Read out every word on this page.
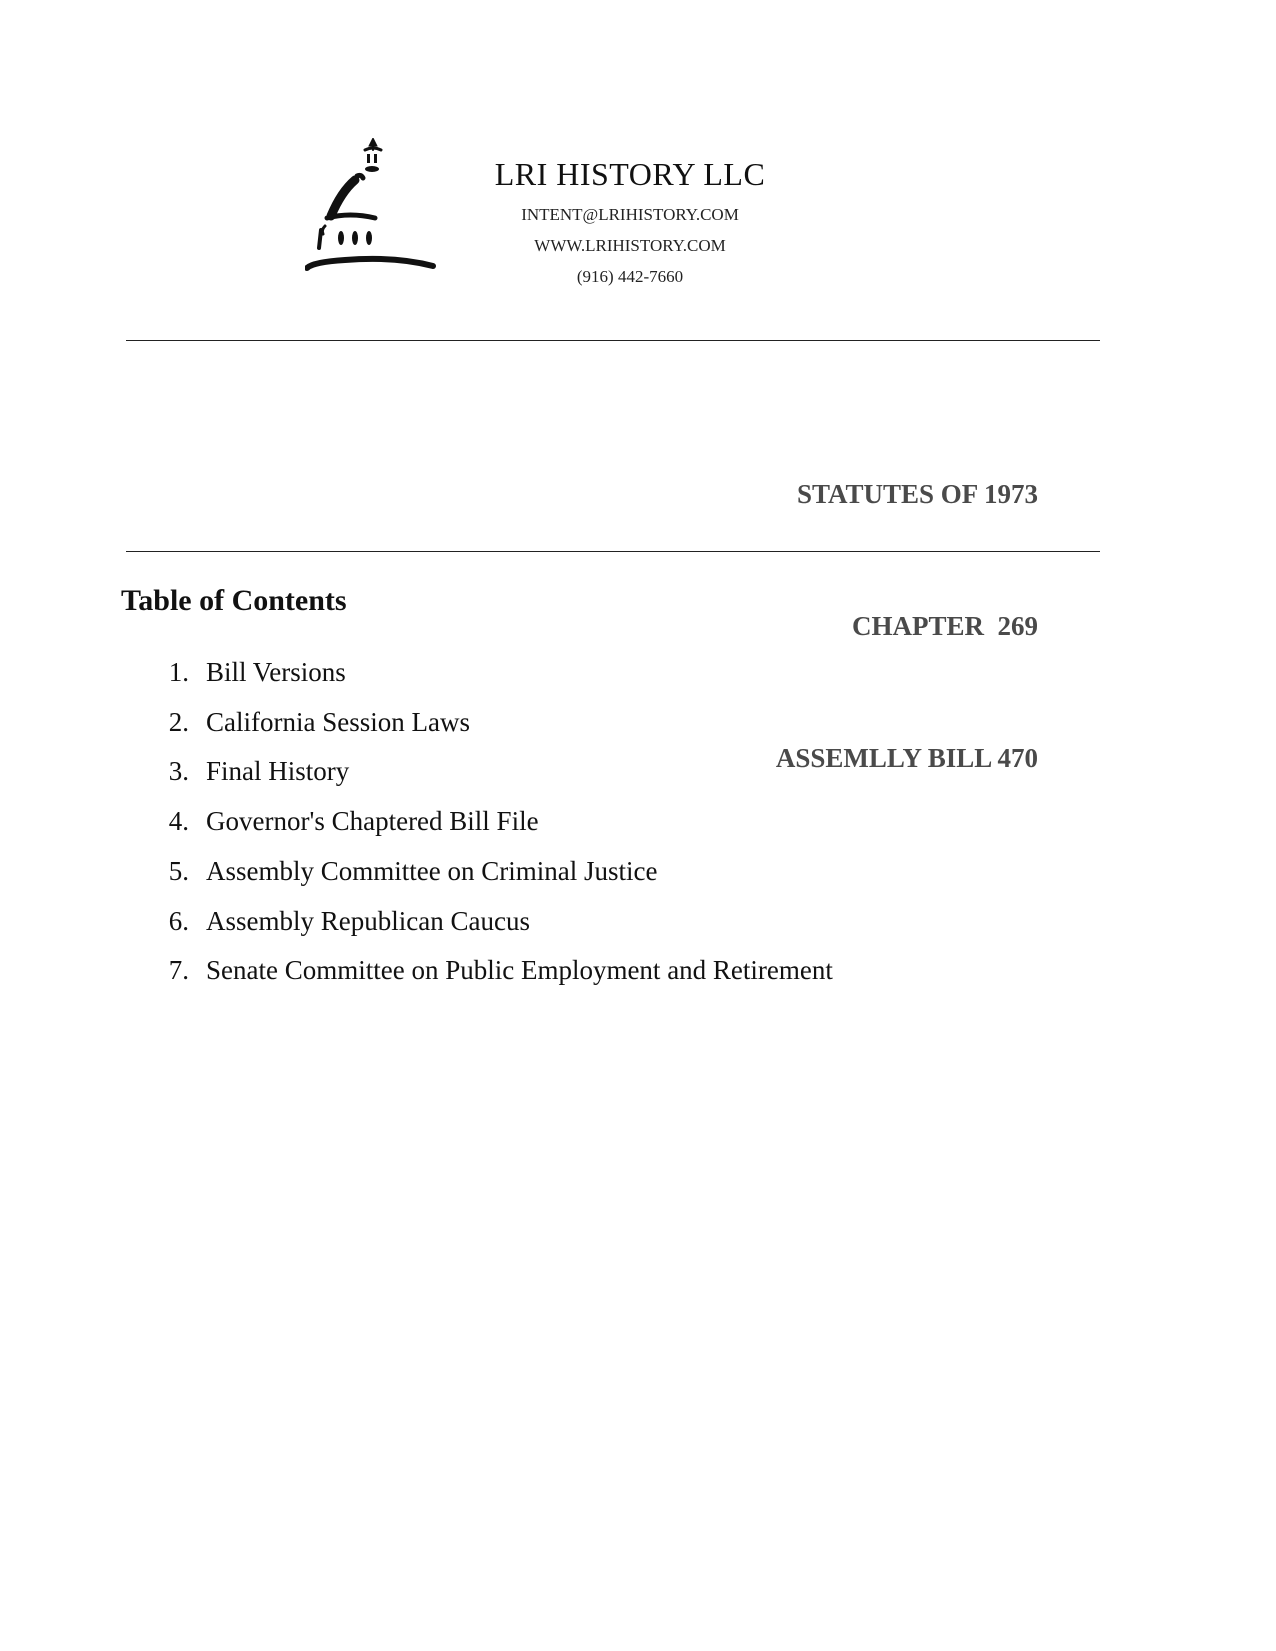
LRI HISTORY LLC
INTENT@LRIHISTORY.COM
WWW.LRIHISTORY.COM
(916) 442-7660

STATUTES OF 1973

CHAPTER  269

ASSEMLLY BILL 470

Table of Contents
1. Bill Versions
2. California Session Laws
3. Final History
4. Governor's Chaptered Bill File
5. Assembly Committee on Criminal Justice
6. Assembly Republican Caucus
7. Senate Committee on Public Employment and Retirement
